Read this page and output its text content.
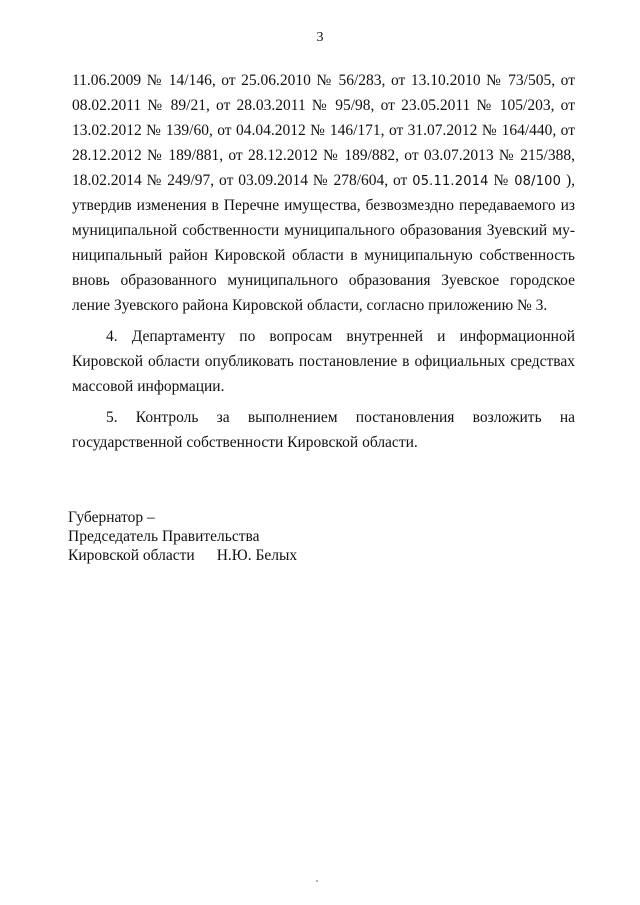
3
11.06.2009 № 14/146, от 25.06.2010 № 56/283, от 13.10.2010 № 73/505, от
08.02.2011 № 89/21, от 28.03.2011 № 95/98, от 23.05.2011 № 105/203, от
13.02.2012 № 139/60, от 04.04.2012 № 146/171, от 31.07.2012 № 164/440, от
28.12.2012 № 189/881, от 28.12.2012 № 189/882, от 03.07.2013 № 215/388,
18.02.2014 № 249/97, от 03.09.2014 № 278/604, от 05.11.2014 № 08/100 ),
утвердив изменения в Перечне имущества, безвозмездно передаваемого из
муниципальной собственности муниципального образования Зуевский му-
ниципальный район Кировской области в муниципальную собственность
вновь образованного муниципального образования Зуевское городское
ление Зуевского района Кировской области, согласно приложению № 3.
4. Департаменту по вопросам внутренней и информационной
Кировской области опубликовать постановление в официальных средствах
массовой информации.
5. Контроль за выполнением постановления возложить на
государственной собственности Кировской области.
Губернатор –
Председатель Правительства
Кировской области Н.Ю. Белых
